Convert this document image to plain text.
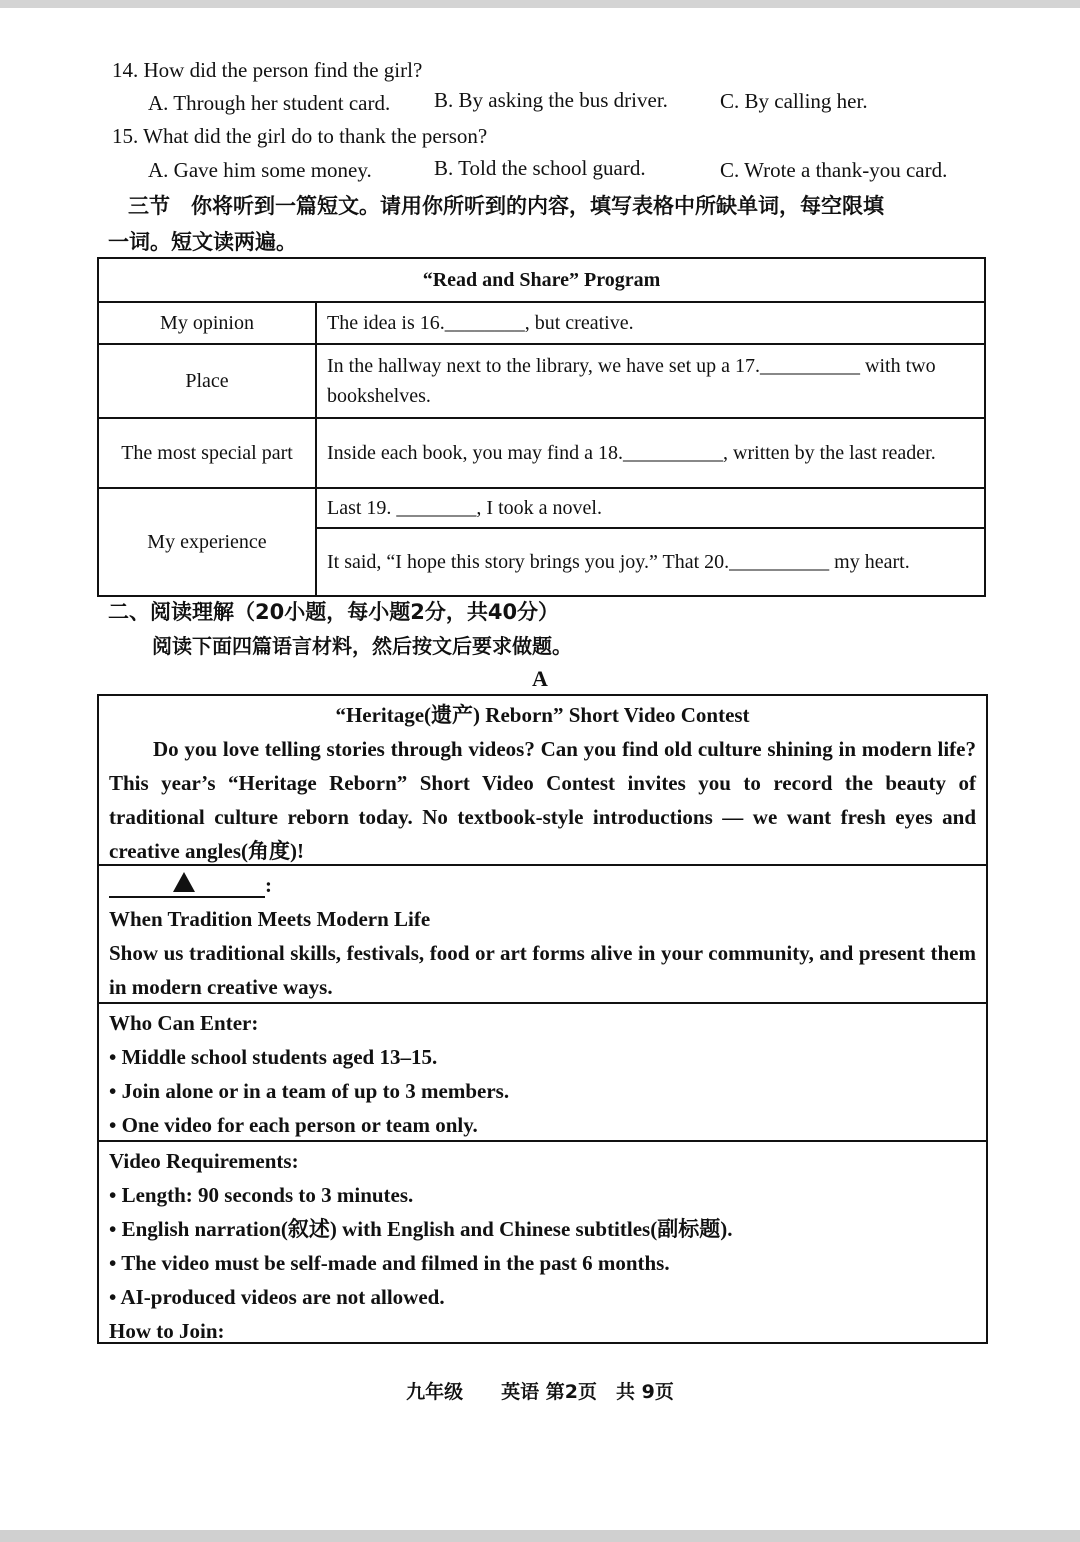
14. How did the person find the girl?
A. Through her student card. B. By asking the bus driver. C. By calling her.
15. What did the girl do to thank the person?
A. Gave him some money.	B. Told the school guard.	C. Wrote a thank-you card.
三节　你将听到一篇短文。请用你所听到的内容，填写表格中所缺单词，每空限填
一词。短文读两遍。
“Read and Share” Program	
My opinion	The idea is 16.________, but creative.
Place	In the hallway next to the library, we have set up a 17.__________ with two bookshelves.
The most special part	Inside each book, you may find a 18.__________, written by the last reader.
My experience	Last 19. ________, I took a novel.
	It said, “I hope this story brings you joy.” That 20.__________ my heart.
二、阅读理解（20小题，每小题2分，共40分）
阅读下面四篇语言材料，然后按文后要求做题。
A
“Heritage(遗产) Reborn” Short Video Contest
Do you love telling stories through videos? Can you find old culture shining in modern life? This year’s “Heritage Reborn” Short Video Contest invites you to record the beauty of traditional culture reborn today. No textbook-style introductions — we want fresh eyes and creative angles(角度)!
:
When Tradition Meets Modern Life
Show us traditional skills, festivals, food or art forms alive in your community, and present them in modern creative ways.
Who Can Enter:
• Middle school students aged 13–15.
• Join alone or in a team of up to 3 members.
• One video for each person or team only.
Video Requirements:
• Length: 90 seconds to 3 minutes.
• English narration(叙述) with English and Chinese subtitles(副标题).
• The video must be self-made and filmed in the past 6 months.
• AI-produced videos are not allowed.
How to Join:
九年级　　英语 第2页　共 9页
